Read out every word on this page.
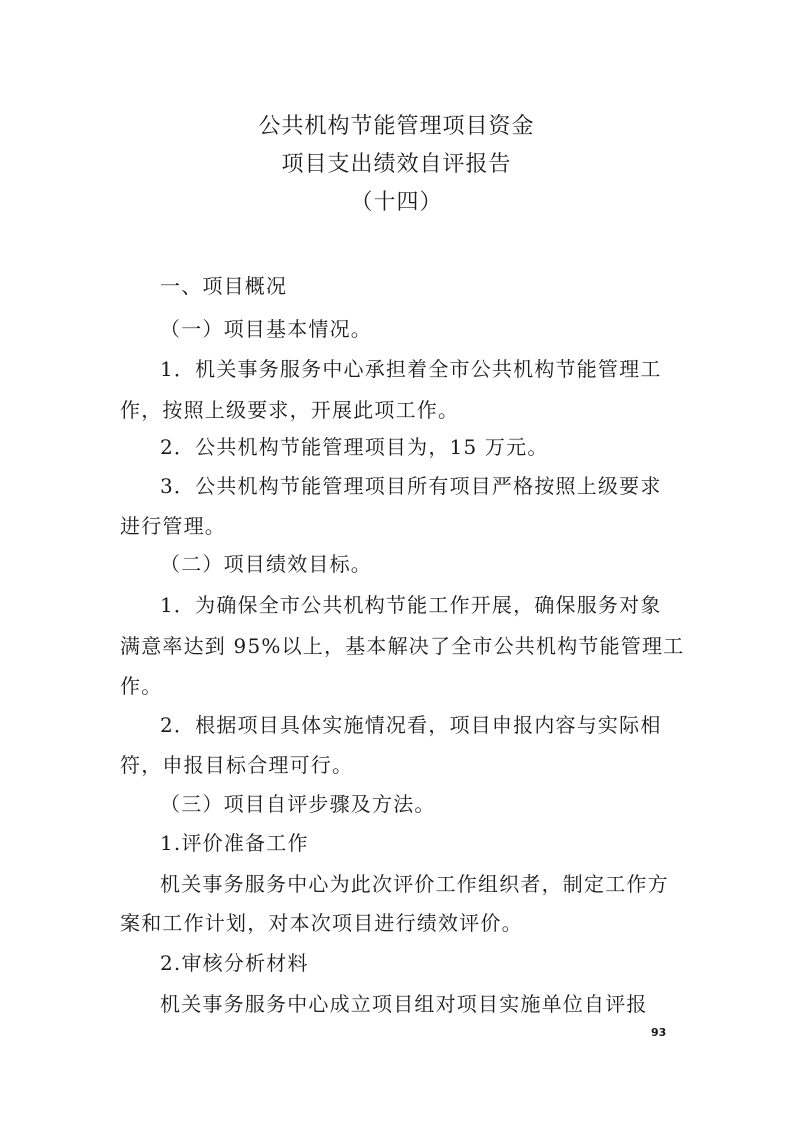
公共机构节能管理项目资金
项目支出绩效自评报告
（十四）
一、项目概况
（一）项目基本情况。
1．机关事务服务中心承担着全市公共机构节能管理工
作，按照上级要求，开展此项工作。
2．公共机构节能管理项目为，15 万元。
3．公共机构节能管理项目所有项目严格按照上级要求
进行管理。
（二）项目绩效目标。
1．为确保全市公共机构节能工作开展，确保服务对象
满意率达到 95%以上，基本解决了全市公共机构节能管理工
作。
2．根据项目具体实施情况看，项目申报内容与实际相
符，申报目标合理可行。
（三）项目自评步骤及方法。
1.评价准备工作
机关事务服务中心为此次评价工作组织者，制定工作方
案和工作计划，对本次项目进行绩效评价。
2.审核分析材料
机关事务服务中心成立项目组对项目实施单位自评报
93
